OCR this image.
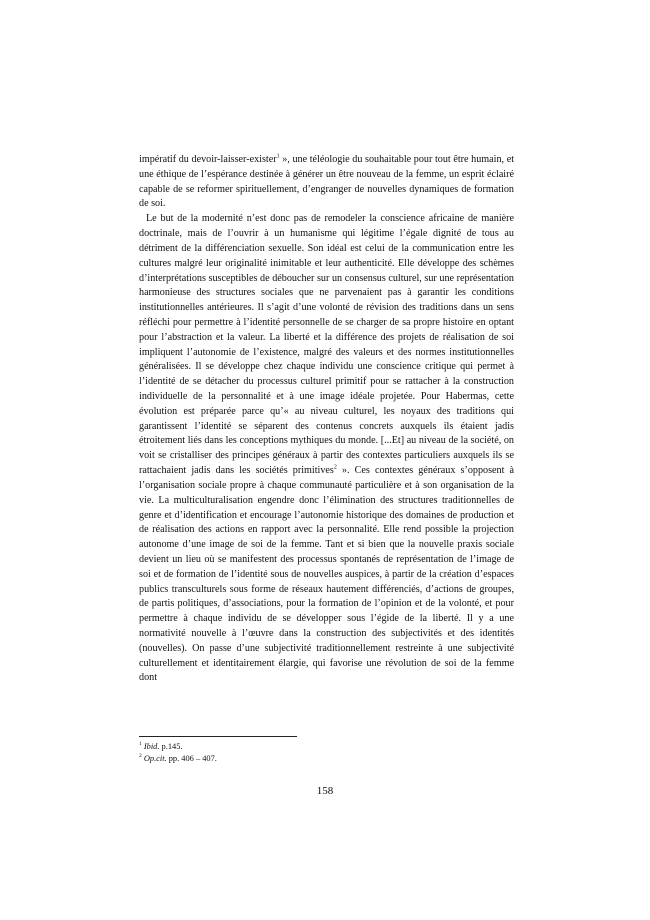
impératif du devoir-laisser-exister$^1$ », une téléologie du souhaitable pour tout être humain, et une éthique de l’espérance destinée à générer un être nouveau de la femme, un esprit éclairé capable de se reformer spirituellement, d’engranger de nouvelles dynamiques de formation de soi.

Le but de la modernité n’est donc pas de remodeler la conscience africaine de manière doctrinale, mais de l’ouvrir à un humanisme qui légitime l’égale dignité de tous au détriment de la différenciation sexuelle. Son idéal est celui de la communication entre les cultures malgré leur originalité inimitable et leur authenticité. Elle développe des schèmes d’interprétations susceptibles de déboucher sur un consensus culturel, sur une représentation harmonieuse des structures sociales que ne parvenaient pas à garantir les conditions institutionnelles antérieures. Il s’agit d’une volonté de révision des traditions dans un sens réfléchi pour permettre à l’identité personnelle de se charger de sa propre histoire en optant pour l’abstraction et la valeur. La liberté et la différence des projets de réalisation de soi impliquent l’autonomie de l’existence, malgré des valeurs et des normes institutionnelles généralisées. Il se développe chez chaque individu une conscience critique qui permet à l’identité de se détacher du processus culturel primitif pour se rattacher à la construction individuelle de la personnalité et à une image idéale projetée. Pour Habermas, cette évolution est préparée parce qu’« au niveau culturel, les noyaux des traditions qui garantissent l’identité se séparent des contenus concrets auxquels ils étaient jadis étroitement liés dans les conceptions mythiques du monde. [...Et] au niveau de la société, on voit se cristalliser des principes généraux à partir des contextes particuliers auxquels ils se rattachaient jadis dans les sociétés primitives$^2$ ». Ces contextes généraux s’opposent à l’organisation sociale propre à chaque communauté particulière et à son organisation de la vie. La multiculturalisation engendre donc l’élimination des structures traditionnelles de genre et d’identification et encourage l’autonomie historique des domaines de production et de réalisation des actions en rapport avec la personnalité. Elle rend possible la projection autonome d’une image de soi de la femme. Tant et si bien que la nouvelle praxis sociale devient un lieu où se manifestent des processus spontanés de représentation de l’image de soi et de formation de l’identité sous de nouvelles auspices, à partir de la création d’espaces publics transculturels sous forme de réseaux hautement différenciés, d’actions de groupes, de partis politiques, d’associations, pour la formation de l’opinion et de la volonté, et pour permettre à chaque individu de se développer sous l’égide de la liberté. Il y a une normativité nouvelle à l’œuvre dans la construction des subjectivités et des identités (nouvelles). On passe d’une subjectivité traditionnellement restreinte à une subjectivité culturellement et identitairement élargie, qui favorise une révolution de soi de la femme dont

$^1$ Ibid. p.145.
$^2$ Op.cit. pp. 406 – 407.
158
